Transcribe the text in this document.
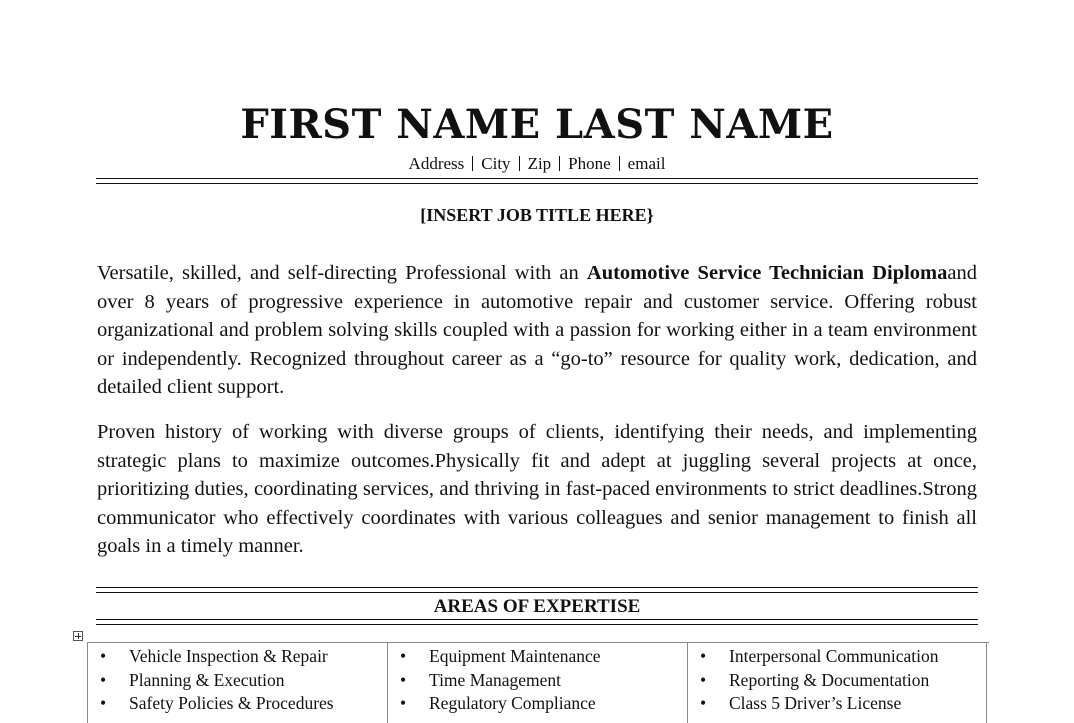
FIRST NAME LAST NAME
Address City Zip Phone email
[INSERT JOB TITLE HERE}

Versatile, skilled, and self-directing Professional with an Automotive Service Technician Diplomaand over 8 years of progressive experience in automotive repair and customer service. Offering robust organizational and problem solving skills coupled with a passion for working either in a team environment or independently. Recognized throughout career as a “go-to” resource for quality work, dedication, and detailed client support.

Proven history of working with diverse groups of clients, identifying their needs, and implementing strategic plans to maximize outcomes.Physically fit and adept at juggling several projects at once, prioritizing duties, coordinating services, and thriving in fast-paced environments to strict deadlines.Strong communicator who effectively coordinates with various colleagues and senior management to finish all goals in a timely manner.

AREAS OF EXPERTISE
• Vehicle Inspection & Repair
• Planning & Execution
• Safety Policies & Procedures
• Equipment Maintenance
• Time Management
• Regulatory Compliance
• Interpersonal Communication
• Reporting & Documentation
• Class 5 Driver’s License
